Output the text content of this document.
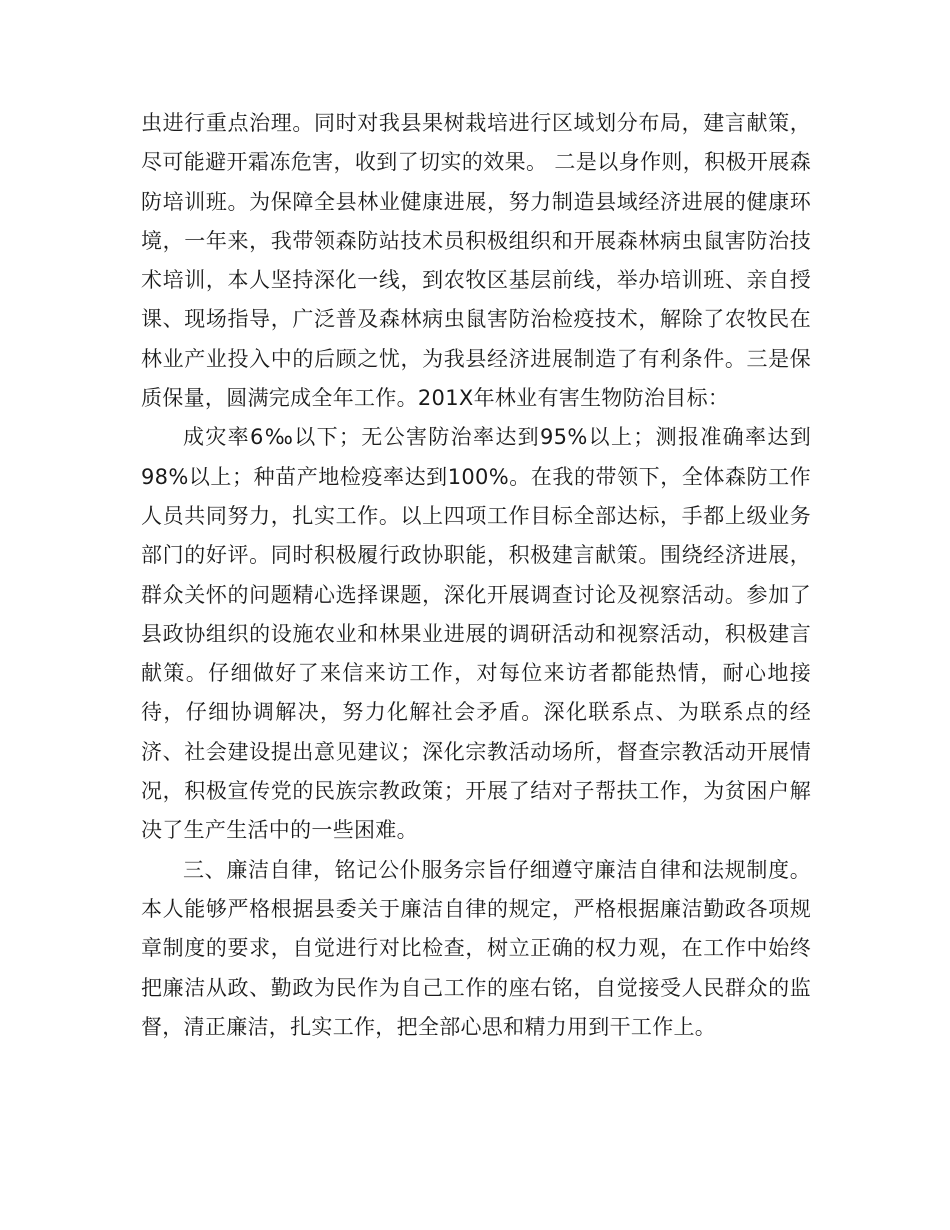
虫进行重点治理。同时对我县果树栽培进行区域划分布局，建言献策，尽可能避开霜冻危害，收到了切实的效果。 二是以身作则，积极开展森防培训班。为保障全县林业健康进展，努力制造县域经济进展的健康环境，一年来，我带领森防站技术员积极组织和开展森林病虫鼠害防治技术培训，本人坚持深化一线，到农牧区基层前线，举办培训班、亲自授课、现场指导，广泛普及森林病虫鼠害防治检疫技术，解除了农牧民在林业产业投入中的后顾之忧，为我县经济进展制造了有利条件。三是保质保量，圆满完成全年工作。201X年林业有害生物防治目标：

成灾率6‰以下；无公害防治率达到95%以上；测报准确率达到98%以上；种苗产地检疫率达到100%。在我的带领下，全体森防工作人员共同努力，扎实工作。以上四项工作目标全部达标，手都上级业务部门的好评。同时积极履行政协职能，积极建言献策。围绕经济进展，群众关怀的问题精心选择课题，深化开展调查讨论及视察活动。参加了县政协组织的设施农业和林果业进展的调研活动和视察活动，积极建言献策。仔细做好了来信来访工作，对每位来访者都能热情，耐心地接待，仔细协调解决，努力化解社会矛盾。深化联系点、为联系点的经济、社会建设提出意见建议；深化宗教活动场所，督查宗教活动开展情况，积极宣传党的民族宗教政策；开展了结对子帮扶工作，为贫困户解决了生产生活中的一些困难。

三、廉洁自律，铭记公仆服务宗旨仔细遵守廉洁自律和法规制度。本人能够严格根据县委关于廉洁自律的规定，严格根据廉洁勤政各项规章制度的要求，自觉进行对比检查，树立正确的权力观，在工作中始终把廉洁从政、勤政为民作为自己工作的座右铭，自觉接受人民群众的监督，清正廉洁，扎实工作，把全部心思和精力用到干工作上。
